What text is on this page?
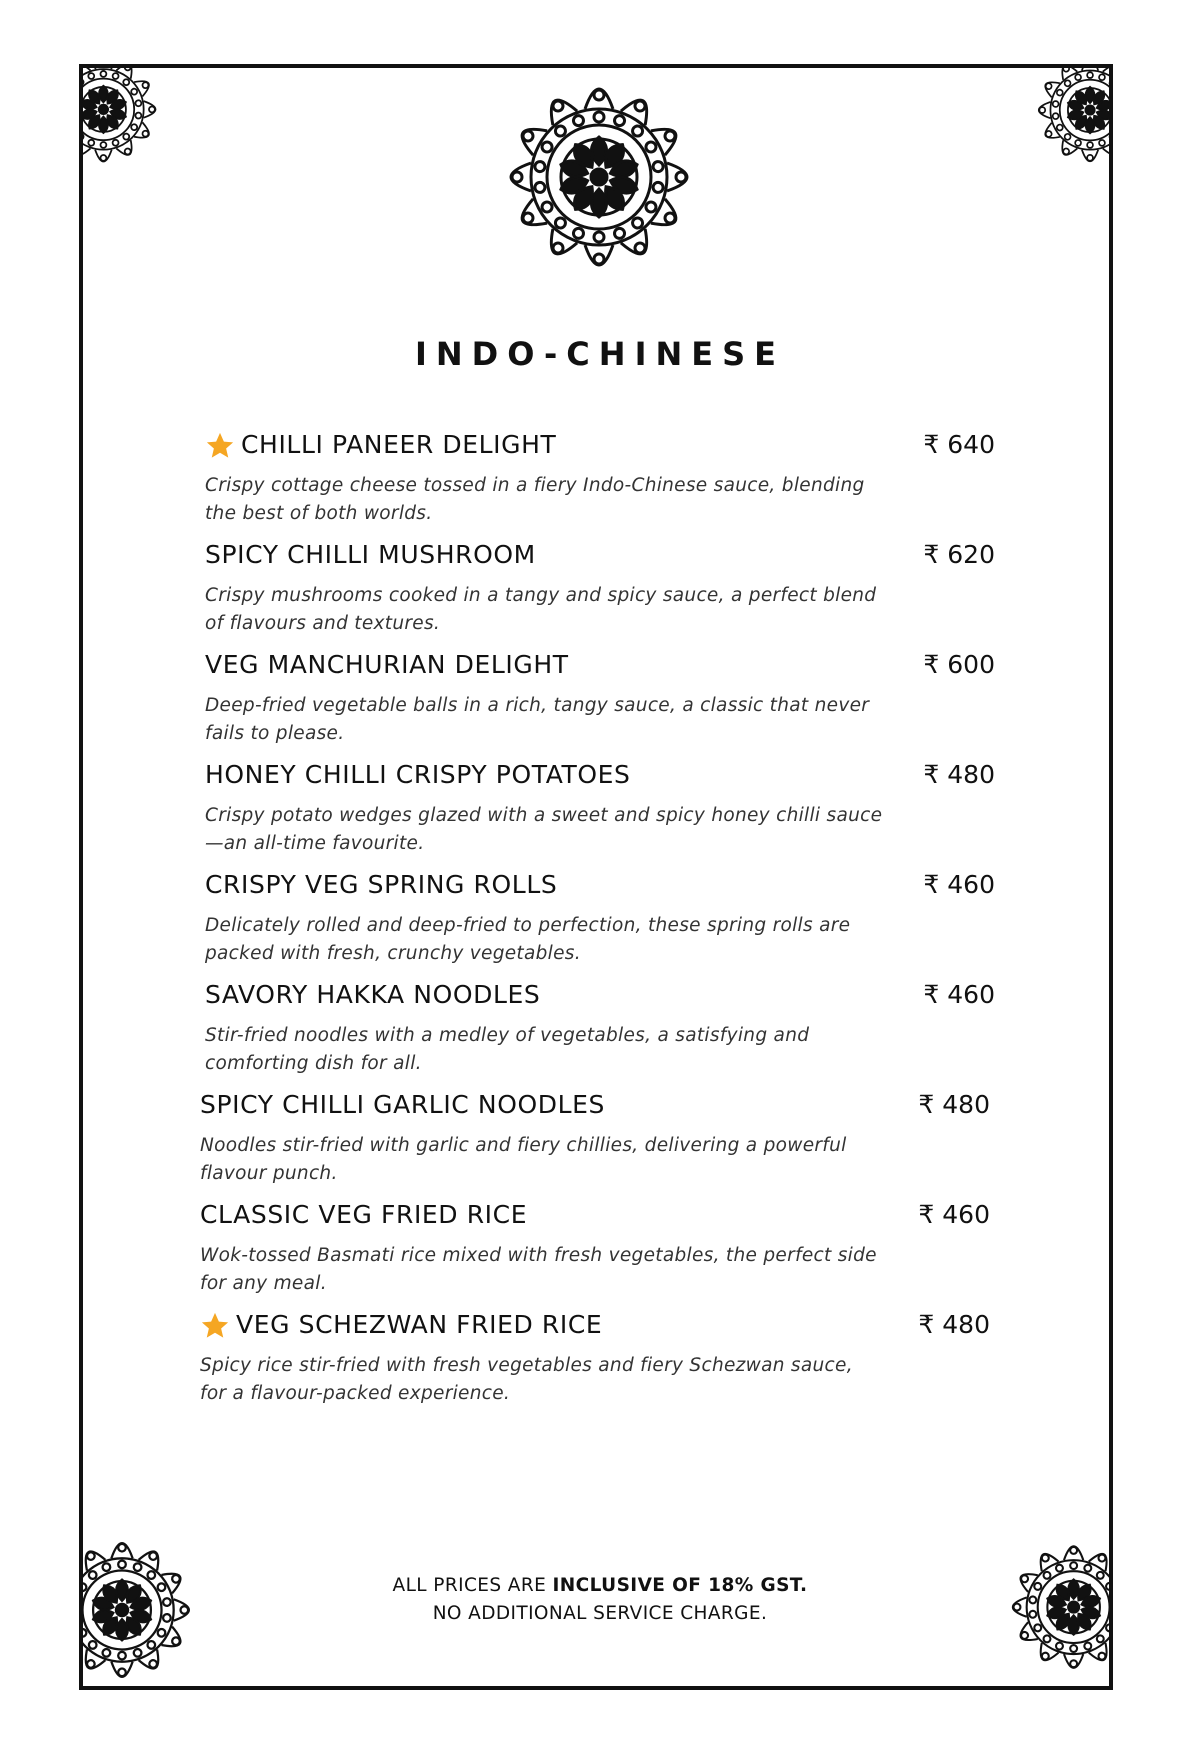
INDO-CHINESE
CHILLI PANEER DELIGHT	₹ 640
Crispy cottage cheese tossed in a fiery Indo-Chinese sauce, blending the best of both worlds.
SPICY CHILLI MUSHROOM	₹ 620
Crispy mushrooms cooked in a tangy and spicy sauce, a perfect blend of flavours and textures.
VEG MANCHURIAN DELIGHT	₹ 600
Deep-fried vegetable balls in a rich, tangy sauce, a classic that never fails to please.
HONEY CHILLI CRISPY POTATOES	₹ 480
Crispy potato wedges glazed with a sweet and spicy honey chilli sauce—an all-time favourite.
CRISPY VEG SPRING ROLLS	₹ 460
Delicately rolled and deep-fried to perfection, these spring rolls are packed with fresh, crunchy vegetables.
SAVORY HAKKA NOODLES	₹ 460
Stir-fried noodles with a medley of vegetables, a satisfying and comforting dish for all.
SPICY CHILLI GARLIC NOODLES	₹ 480
Noodles stir-fried with garlic and fiery chillies, delivering a powerful flavour punch.
CLASSIC VEG FRIED RICE	₹ 460
Wok-tossed Basmati rice mixed with fresh vegetables, the perfect side for any meal.
VEG SCHEZWAN FRIED RICE	₹ 480
Spicy rice stir-fried with fresh vegetables and fiery Schezwan sauce, for a flavour-packed experience.
ALL PRICES ARE INCLUSIVE OF 18% GST.
NO ADDITIONAL SERVICE CHARGE.
